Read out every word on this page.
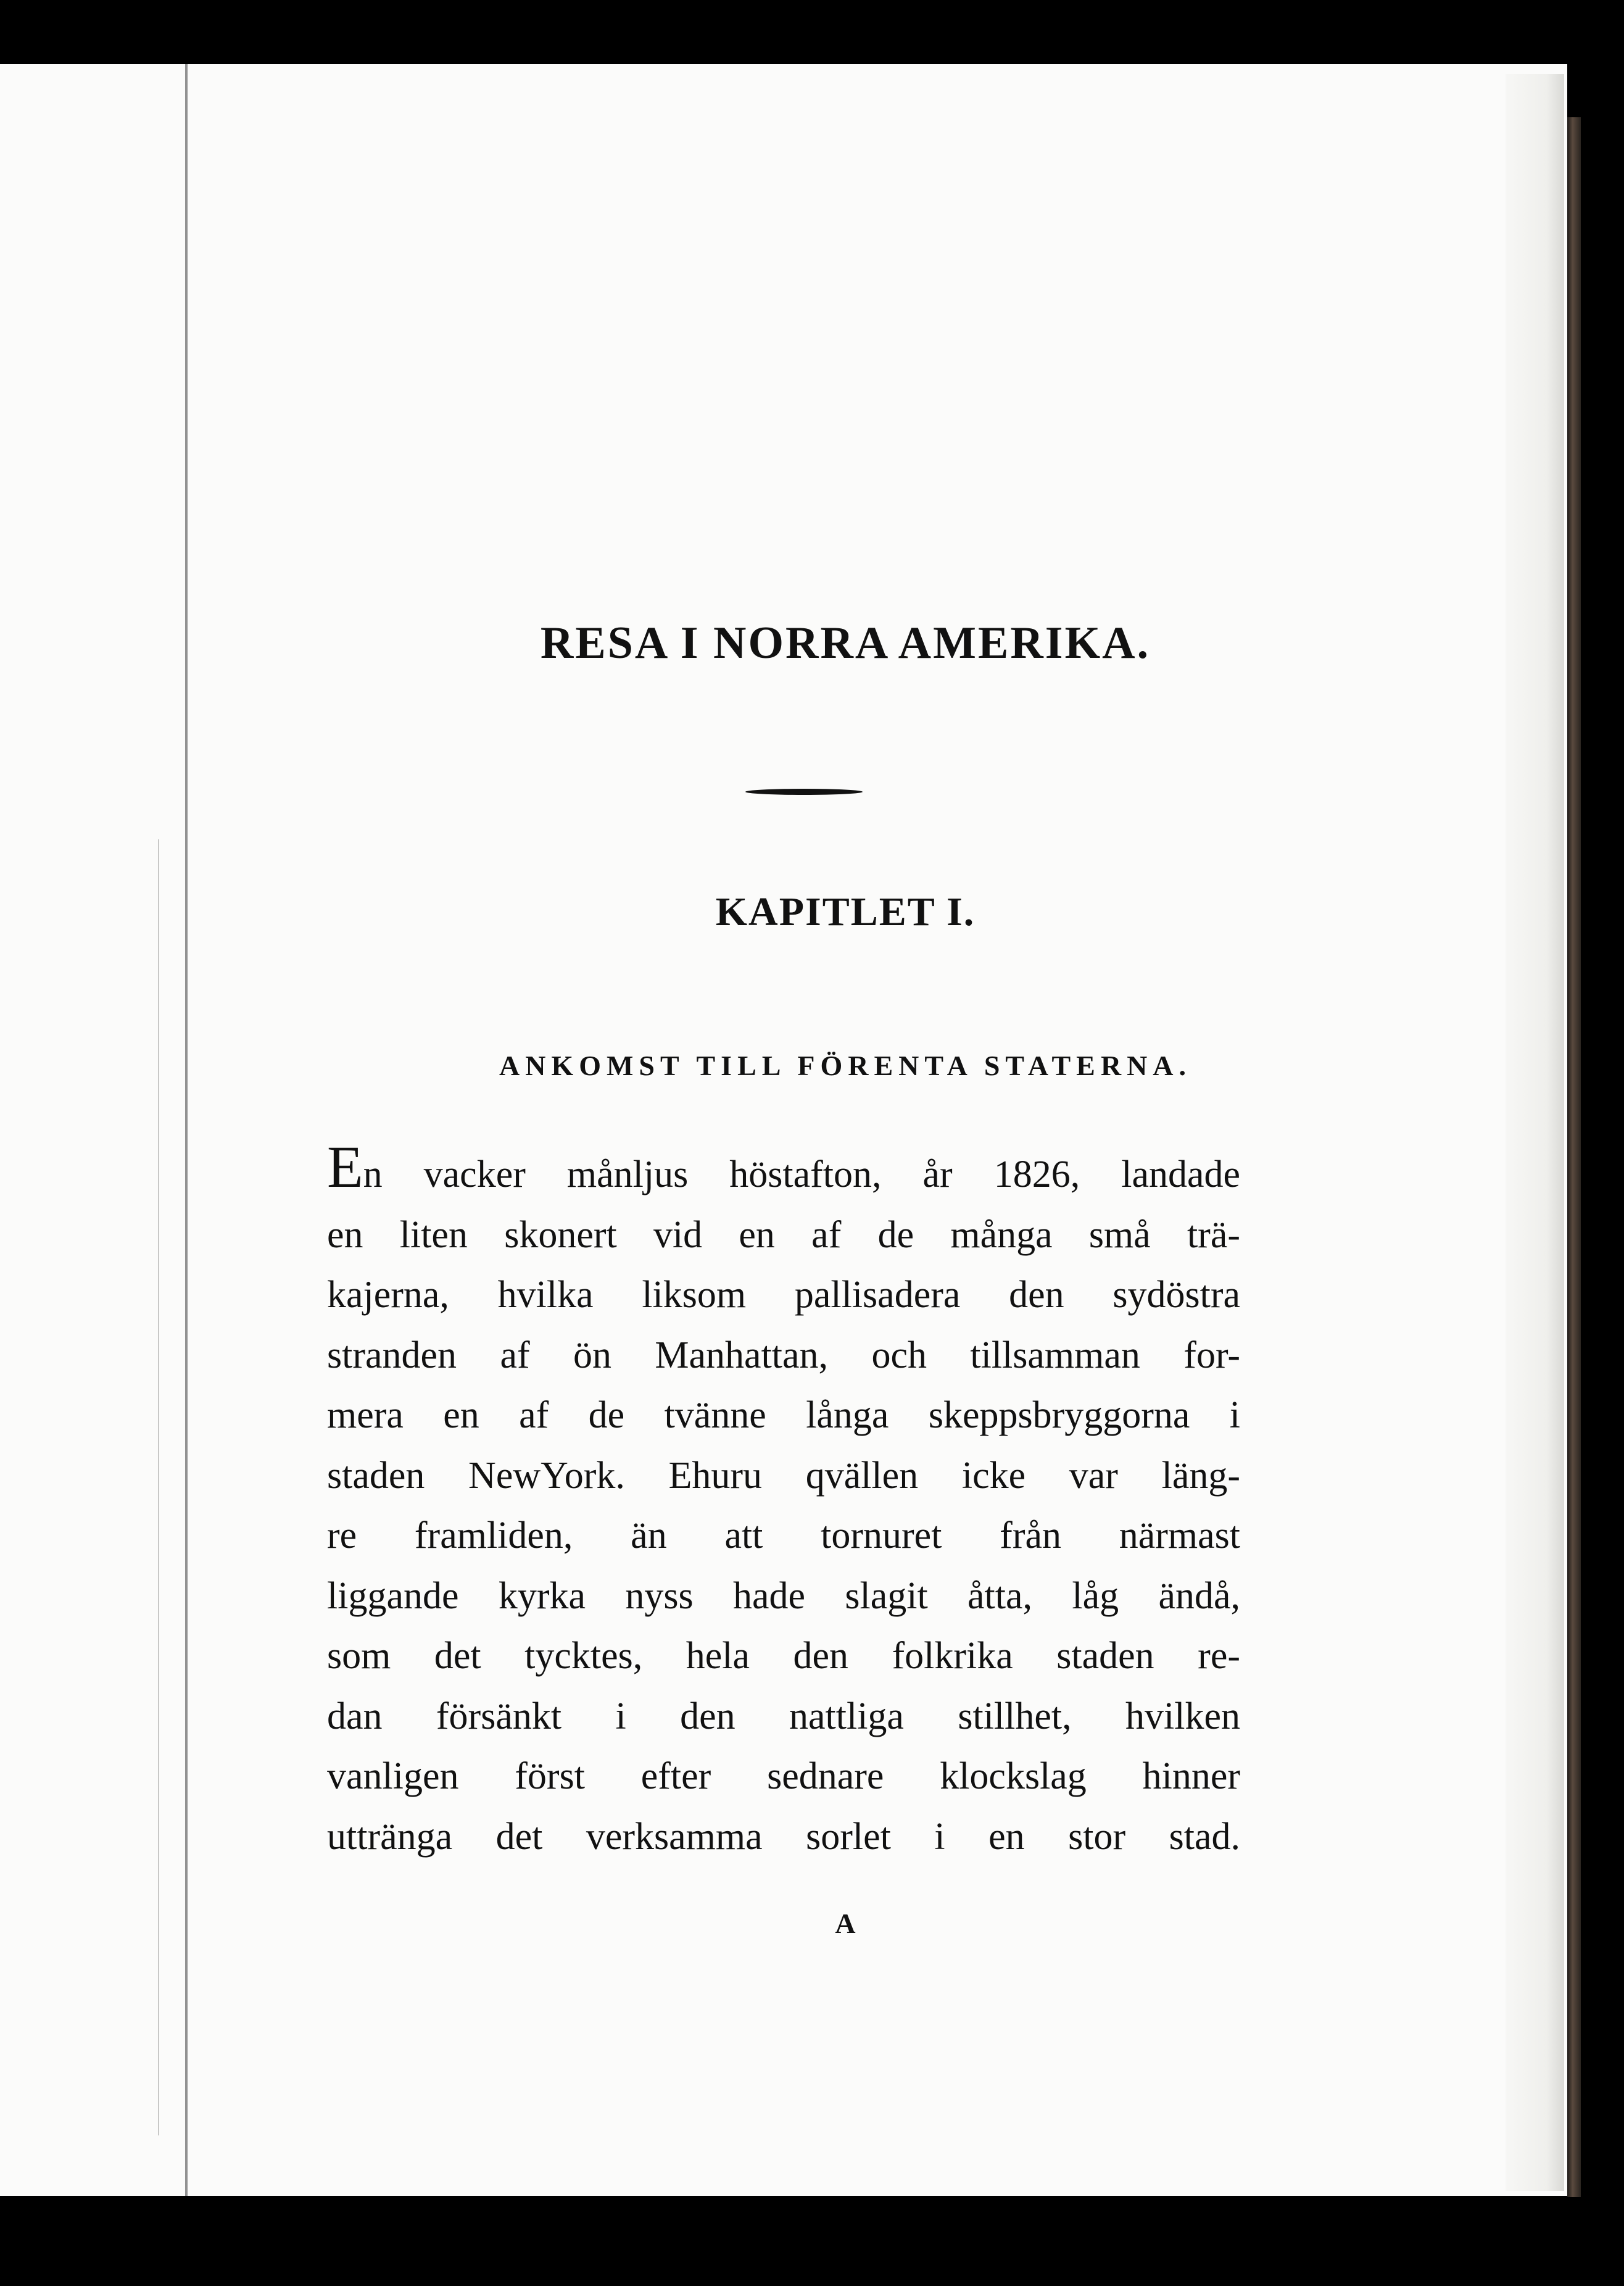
RESA I NORRA AMERIKA.
KAPITLET I.
ANKOMST TILL FÖRENTA STATERNA.
En vacker månljus höstafton, år 1826, landade
en liten skonert vid en af de många små trä-
kajerna, hvilka liksom pallisadera den sydöstra
stranden af ön Manhattan, och tillsamman for-
mera en af de tvänne långa skeppsbryggorna i
staden NewYork. Ehuru qvällen icke var läng-
re framliden, än att tornuret från närmast
liggande kyrka nyss hade slagit åtta, låg ändå,
som det tycktes, hela den folkrika staden re-
dan försänkt i den nattliga stillhet, hvilken
vanligen först efter sednare klockslag hinner
uttränga det verksamma sorlet i en stor stad.
A
